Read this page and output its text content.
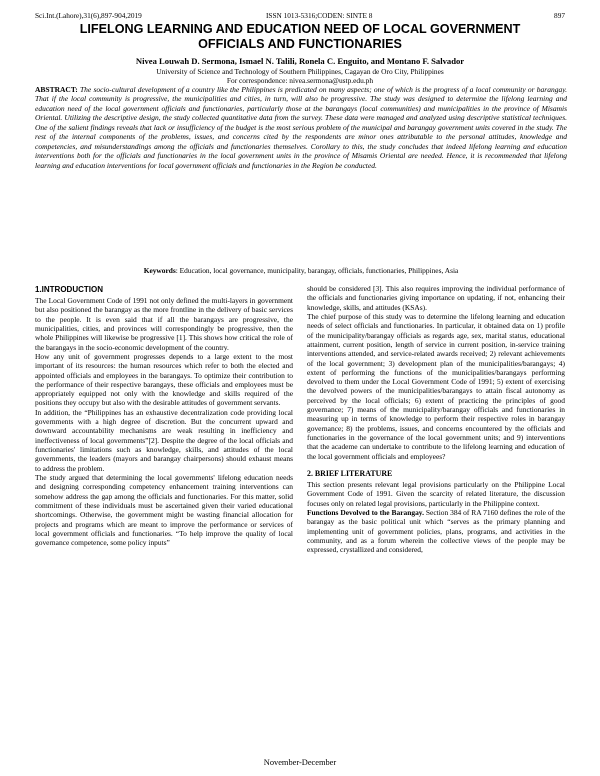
Sci.Int.(Lahore),31(6),897-904,2019	ISSN 1013-5316;CODEN: SINTE 8	897
LIFELONG LEARNING AND EDUCATION NEED OF LOCAL GOVERNMENT
OFFICIALS AND FUNCTIONARIES
Nivea Louwah D. Sermona, Ismael N. Talili, Ronela C. Enguito, and Montano F. Salvador
University of Science and Technology of Southern Philippines, Cagayan de Oro City, Philippines
For correspondence: nivea.sermona@ustp.edu.ph

ABSTRACT: The socio-cultural development of a country like the Philippines is predicated on many aspects; one of which is the progress of a local community or barangay. That if the local community is progressive, the municipalities and cities, in turn, will also be progressive. The study was designed to determine the lifelong learning and education need of the local government officials and functionaries, particularly those at the barangays (local communities) and municipalities in the province of Misamis Oriental. Utilizing the descriptive design, the study collected quantitative data from the survey. These data were managed and analyzed using descriptive statistical techniques. One of the salient findings reveals that lack or insufficiency of the budget is the most serious problem of the municipal and barangay government units covered in the study. The rest of the internal components of the problems, issues, and concerns cited by the respondents are minor ones attributable to the personal attitudes, knowledge and competencies, and misunderstandings among the officials and functionaries themselves. Corollary to this, the study concludes that indeed lifelong learning and education interventions both for the officials and functionaries in the local government units in the province of Misamis Oriental are needed. Hence, it is recommended that lifelong learning and education interventions for local government officials and functionaries in the Region be conducted.

Keywords: Education, local governance, municipality, barangay, officials, functionaries, Philippines, Asia
1.INTRODUCTION

The Local Government Code of 1991 not only defined the multi-layers in government but also positioned the barangay as the more frontline in the delivery of basic services to the people. It is even said that if all the barangays are progressive, the municipalities, cities, and provinces will correspondingly be progressive, then the whole Philippines will likewise be progressive [1]. This shows how critical the role of the barangays in the socio-economic development of the country.

How any unit of government progresses depends to a large extent to the most important of its resources: the human resources which refer to both the elected and appointed officials and employees in the barangays. To optimize their contribution to the performance of their respective barangays, these officials and employees must be appropriately equipped not only with the knowledge and skills required of the positions they occupy but also with the desirable attitudes of government servants.

In addition, the “Philippines has an exhaustive decentralization code providing local governments with a high degree of discretion. But the concurrent upward and downward accountability mechanisms are weak resulting in inefficiency and ineffectiveness of local governments”[2]. Despite the degree of the local officials and functionaries' limitations such as knowledge, skills, and attitudes of the local governments, the leaders (mayors and barangay chairpersons) should exhaust means to address the problem.

The study argued that determining the local governments' lifelong education needs and designing corresponding competency enhancement training interventions can somehow address the gap among the officials and functionaries. For this matter, solid commitment of these individuals must be ascertained given their varied educational shortcomings. Otherwise, the government might be wasting financial allocation for projects and programs which are meant to improve the performance or services of local government officials and functionaries. “To help improve the quality of local governance competence, some policy inputs”

should be considered [3]. This also requires improving the individual performance of the officials and functionaries giving importance on updating, if not, enhancing their knowledge, skills, and attitudes (KSAs).

The chief purpose of this study was to determine the lifelong learning and education needs of select officials and functionaries. In particular, it obtained data on 1) profile of the municipality/barangay officials as regards age, sex, marital status, educational attainment, current position, length of service in current position, in-service training interventions attended, and service-related awards received; 2) relevant achievements of the local government; 3) development plan of the municipalities/barangays; 4) extent of performing the functions of the municipalities/barangays performing devolved to them under the Local Government Code of 1991; 5) extent of exercising the devolved powers of the municipalities/barangays to attain fiscal autonomy as perceived by the local officials; 6) extent of practicing the principles of good governance; 7) means of the municipality/barangay officials and functionaries in measuring up in terms of knowledge to perform their respective roles in barangay governance; 8) the problems, issues, and concerns encountered by the officials and functionaries in the governance of the local government units; and 9) interventions that the academe can undertake to contribute to the lifelong learning and education of the local government officials and employees?

2. BRIEF LITERATURE

This section presents relevant legal provisions particularly on the Philippine Local Government Code of 1991. Given the scarcity of related literature, the discussion focuses only on related legal provisions, particularly in the Philippine context.

Functions Devolved to the Barangay. Section 384 of RA 7160 defines the role of the barangay as the basic political unit which “serves as the primary planning and implementing unit of government policies, plans, programs, and activities in the community, and as a forum wherein the collective views of the people may be expressed, crystallized and considered,

November-December
